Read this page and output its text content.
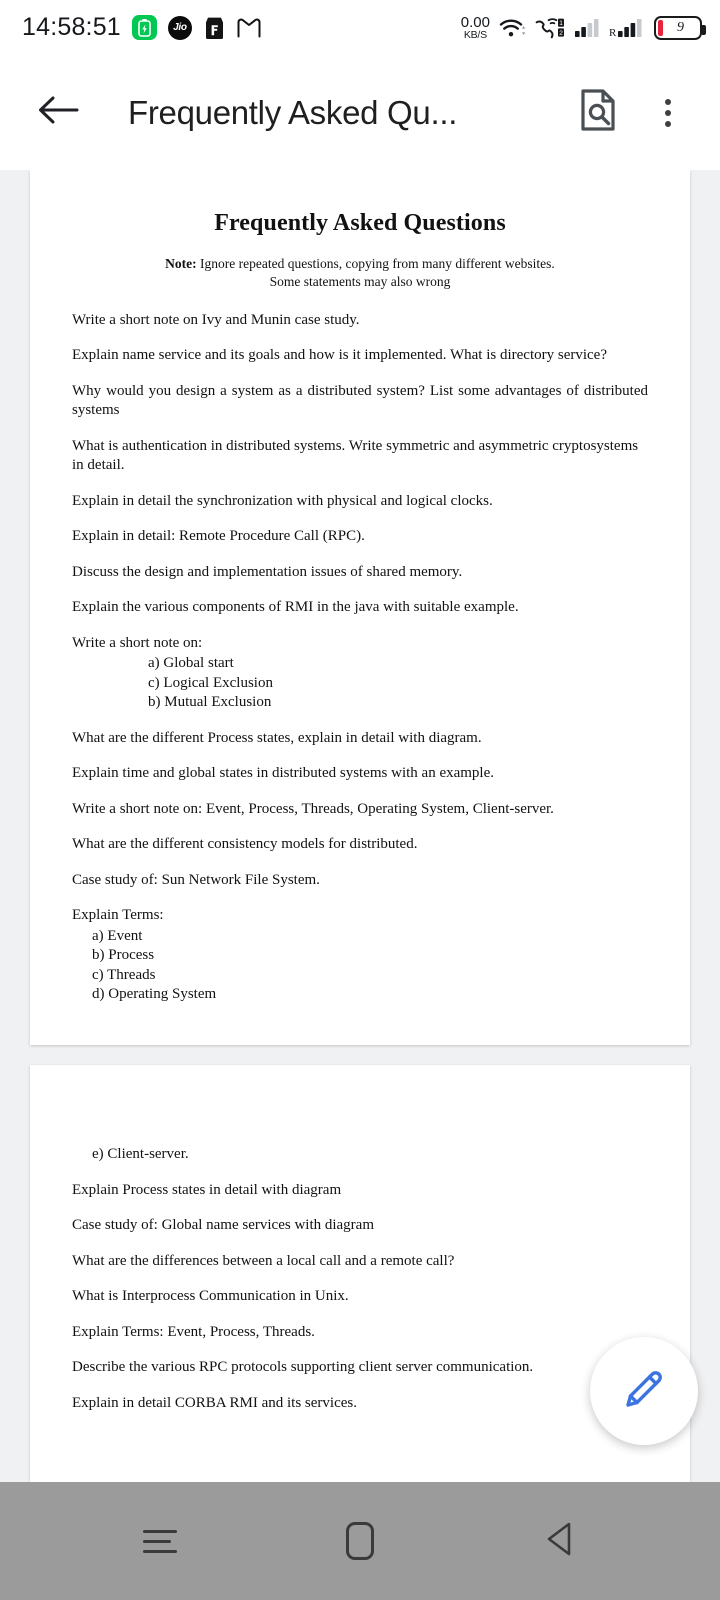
14:58:51	Jio	0.00
KB/S
1
2	R	9
Frequently Asked Qu...
Frequently Asked Questions
Note: Ignore repeated questions, copying from many different websites.
Some statements may also wrong

Write a short note on Ivy and Munin case study.

Explain name service and its goals and how is it implemented. What is directory service?

Why would you design a system as a distributed system? List some advantages of distributed systems

What is authentication in distributed systems. Write symmetric and asymmetric cryptosystems in detail.

Explain in detail the synchronization with physical and logical clocks.

Explain in detail: Remote Procedure Call (RPC).

Discuss the design and implementation issues of shared memory.

Explain the various components of RMI in the java with suitable example.

Write a short note on:
a) Global start
c) Logical Exclusion
b) Mutual Exclusion

What are the different Process states, explain in detail with diagram.

Explain time and global states in distributed systems with an example.

Write a short note on: Event, Process, Threads, Operating System, Client-server.

What are the different consistency models for distributed.

Case study of: Sun Network File System.

Explain Terms:
a) Event
b) Process
c) Threads
d) Operating System
e) Client-server.

Explain Process states in detail with diagram

Case study of: Global name services with diagram

What are the differences between a local call and a remote call?

What is Interprocess Communication in Unix.

Explain Terms: Event, Process, Threads.

Describe the various RPC protocols supporting client server communication.

Explain in detail CORBA RMI and its services.
